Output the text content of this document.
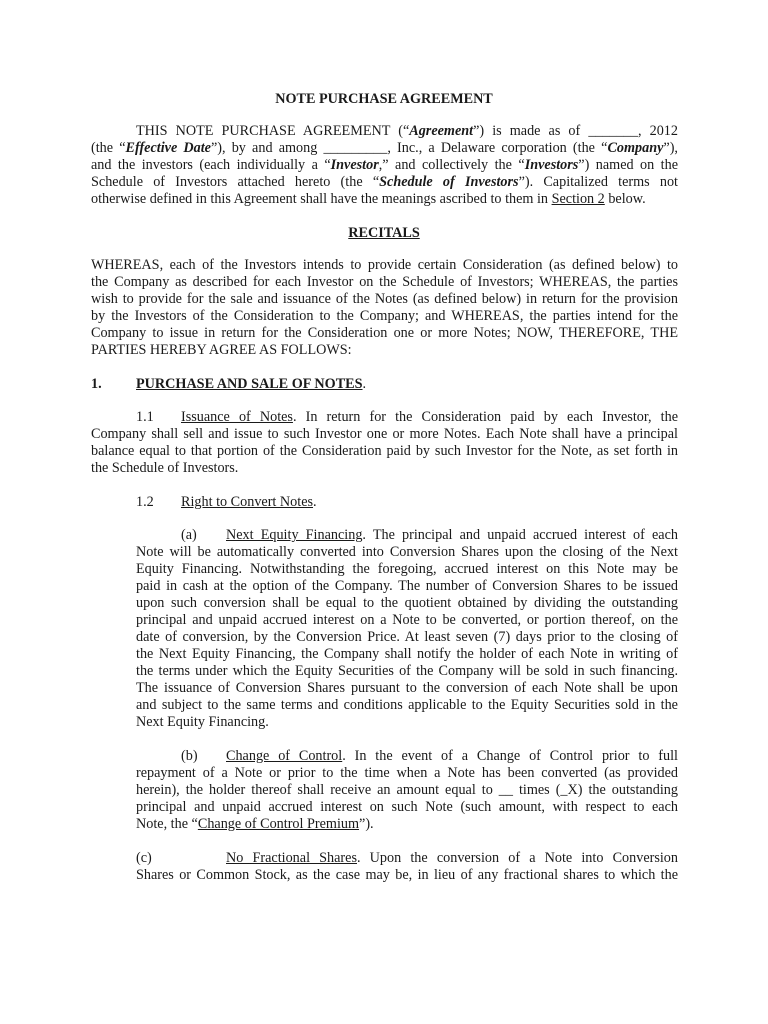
NOTE PURCHASE AGREEMENT
THIS NOTE PURCHASE AGREEMENT (“Agreement”) is made as of _______, 2012
(the “Effective Date”), by and among _________, Inc., a Delaware corporation (the “Company”),
and the investors (each individually a “Investor,” and collectively the “Investors”) named on the
Schedule of Investors attached hereto (the “Schedule of Investors”). Capitalized terms not
otherwise defined in this Agreement shall have the meanings ascribed to them in Section 2 below.
RECITALS
WHEREAS, each of the Investors intends to provide certain Consideration (as defined below) to
the Company as described for each Investor on the Schedule of Investors; WHEREAS, the parties
wish to provide for the sale and issuance of the Notes (as defined below) in return for the provision
by the Investors of the Consideration to the Company; and WHEREAS, the parties intend for the
Company to issue in return for the Consideration one or more Notes; NOW, THEREFORE, THE
PARTIES HEREBY AGREE AS FOLLOWS:
1. PURCHASE AND SALE OF NOTES.
1.1 Issuance of Notes. In return for the Consideration paid by each Investor, the
Company shall sell and issue to such Investor one or more Notes. Each Note shall have a principal
balance equal to that portion of the Consideration paid by such Investor for the Note, as set forth in
the Schedule of Investors.
1.2 Right to Convert Notes.
(a) Next Equity Financing. The principal and unpaid accrued interest of each
Note will be automatically converted into Conversion Shares upon the closing of the Next
Equity Financing. Notwithstanding the foregoing, accrued interest on this Note may be
paid in cash at the option of the Company. The number of Conversion Shares to be issued
upon such conversion shall be equal to the quotient obtained by dividing the outstanding
principal and unpaid accrued interest on a Note to be converted, or portion thereof, on the
date of conversion, by the Conversion Price. At least seven (7) days prior to the closing of
the Next Equity Financing, the Company shall notify the holder of each Note in writing of
the terms under which the Equity Securities of the Company will be sold in such financing.
The issuance of Conversion Shares pursuant to the conversion of each Note shall be upon
and subject to the same terms and conditions applicable to the Equity Securities sold in the
Next Equity Financing.
(b) Change of Control. In the event of a Change of Control prior to full
repayment of a Note or prior to the time when a Note has been converted (as provided
herein), the holder thereof shall receive an amount equal to __ times (_X) the outstanding
principal and unpaid accrued interest on such Note (such amount, with respect to each
Note, the “Change of Control Premium”).
(c)	No Fractional Shares. Upon the conversion of a Note into Conversion
Shares or Common Stock, as the case may be, in lieu of any fractional shares to which the
